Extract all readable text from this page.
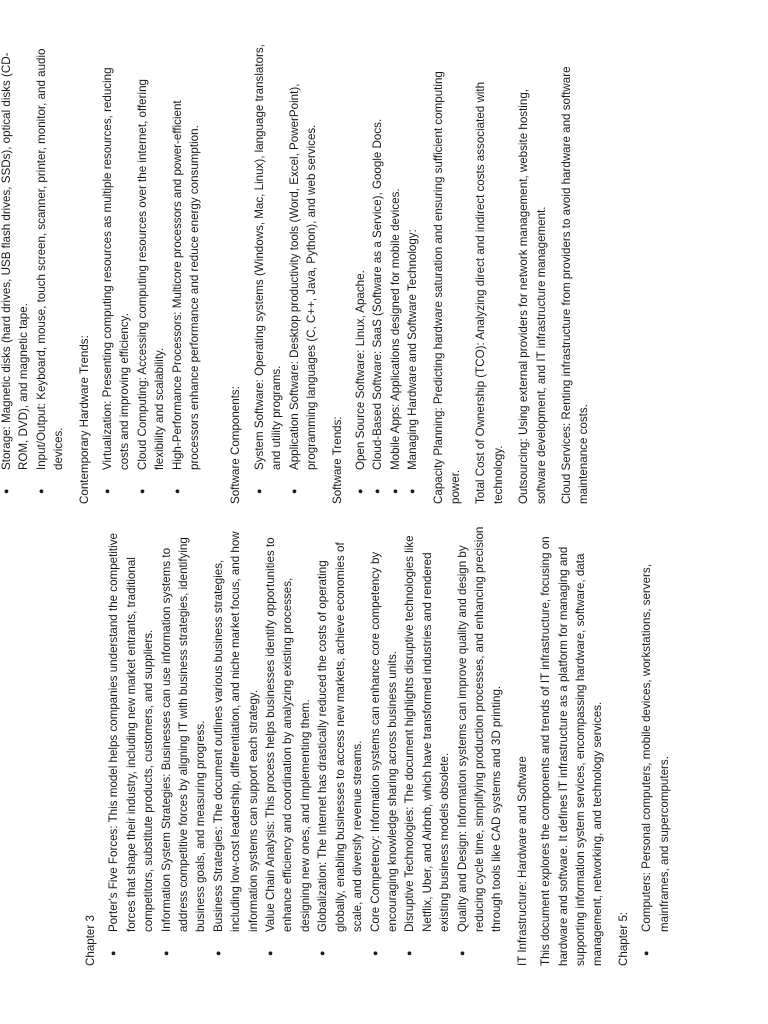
Chapter 3
● Porter's Five Forces: This model helps companies understand the competitive forces that shape their industry, including new market entrants, traditional competitors, substitute products, customers, and suppliers. ● Information System Strategies: Businesses can use information systems to address competitive forces by aligning IT with business strategies, identifying business goals, and measuring progress. ● Business Strategies: The document outlines various business strategies, including low-cost leadership, differentiation, and niche market focus, and how information systems can support each strategy. ● Value Chain Analysis: This process helps businesses identify opportunities to enhance efficiency and coordination by analyzing existing processes, designing new ones, and implementing them. ● Globalization: The Internet has drastically reduced the costs of operating globally, enabling businesses to access new markets, achieve economies of scale, and diversify revenue streams. ● Core Competency: Information systems can enhance core competency by encouraging knowledge sharing across business units. ● Disruptive Technologies: The document highlights disruptive technologies like Netflix, Uber, and Airbnb, which have transformed industries and rendered existing business models obsolete. ● Quality and Design: Information systems can improve quality and design by reducing cycle time, simplifying production processes, and enhancing precision through tools like CAD systems and 3D printing. IT Infrastructure: Hardware and Software This document explores the components and trends of IT infrastructure, focusing on hardware and software. It defines IT infrastructure as a platform for managing and supporting information system services, encompassing hardware, software, data management, networking, and technology services. Chapter 5:
● Computers: Personal computers, mobile devices, workstations, servers, mainframes, and supercomputers.
● Storage: Magnetic disks (hard drives, USB flash drives, SSDs), optical disks (CD-ROM, DVD), and magnetic tape. ● Input/Output: Keyboard, mouse, touch screen, scanner, printer, monitor, and audio devices. Contemporary Hardware Trends: ● Virtualization: Presenting computing resources as multiple resources, reducing costs and improving efficiency. ● Cloud Computing: Accessing computing resources over the internet, offering flexibility and scalability. ● High-Performance Processors: Multicore processors and power-efficient processors enhance performance and reduce energy consumption. Software Components: ● System Software: Operating systems (Windows, Mac, Linux), language translators, and utility programs. ● Application Software: Desktop productivity tools (Word, Excel, PowerPoint), programming languages (C, C++, Java, Python), and web services. Software Trends: ● Open Source Software: Linux, Apache. ● Cloud-Based Software: SaaS (Software as a Service), Google Docs. ● Mobile Apps: Applications designed for mobile devices. ● Managing Hardware and Software Technology: Capacity Planning: Predicting hardware saturation and ensuring sufficient computing power. Total Cost of Ownership (TCO): Analyzing direct and indirect costs associated with technology. Outsourcing: Using external providers for network management, website hosting, software development, and IT infrastructure management. Cloud Services: Renting infrastructure from providers to avoid hardware and software maintenance costs.
